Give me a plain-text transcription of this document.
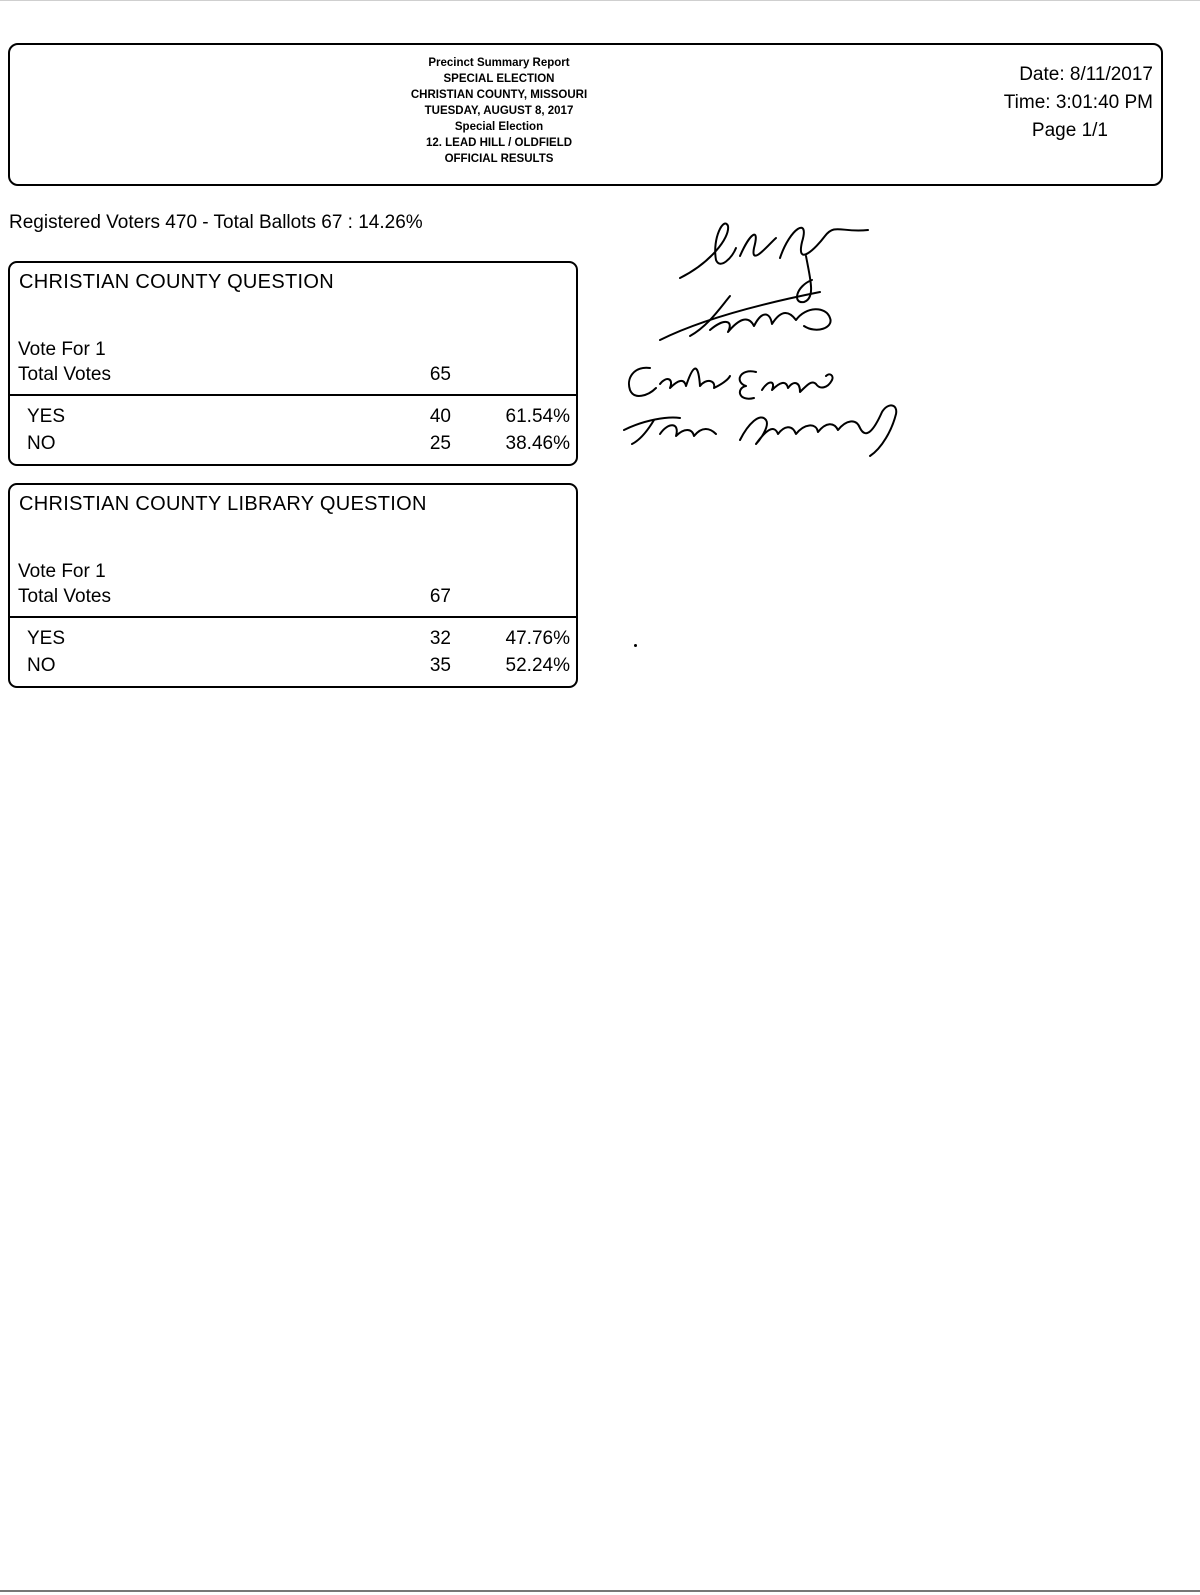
Precinct Summary Report
SPECIAL ELECTION
CHRISTIAN COUNTY, MISSOURI
TUESDAY, AUGUST 8, 2017
Special Election
12. LEAD HILL / OLDFIELD
OFFICIAL RESULTS
Date: 8/11/2017
Time: 3:01:40 PM
Page 1/1
Registered Voters 470 - Total Ballots 67 : 14.26%
CHRISTIAN COUNTY QUESTION
Vote For 1
Total Votes	65
YES	40	61.54%
NO	25	38.46%
CHRISTIAN COUNTY LIBRARY QUESTION
Vote For 1
Total Votes	67
YES	32	47.76%
NO	35	52.24%
